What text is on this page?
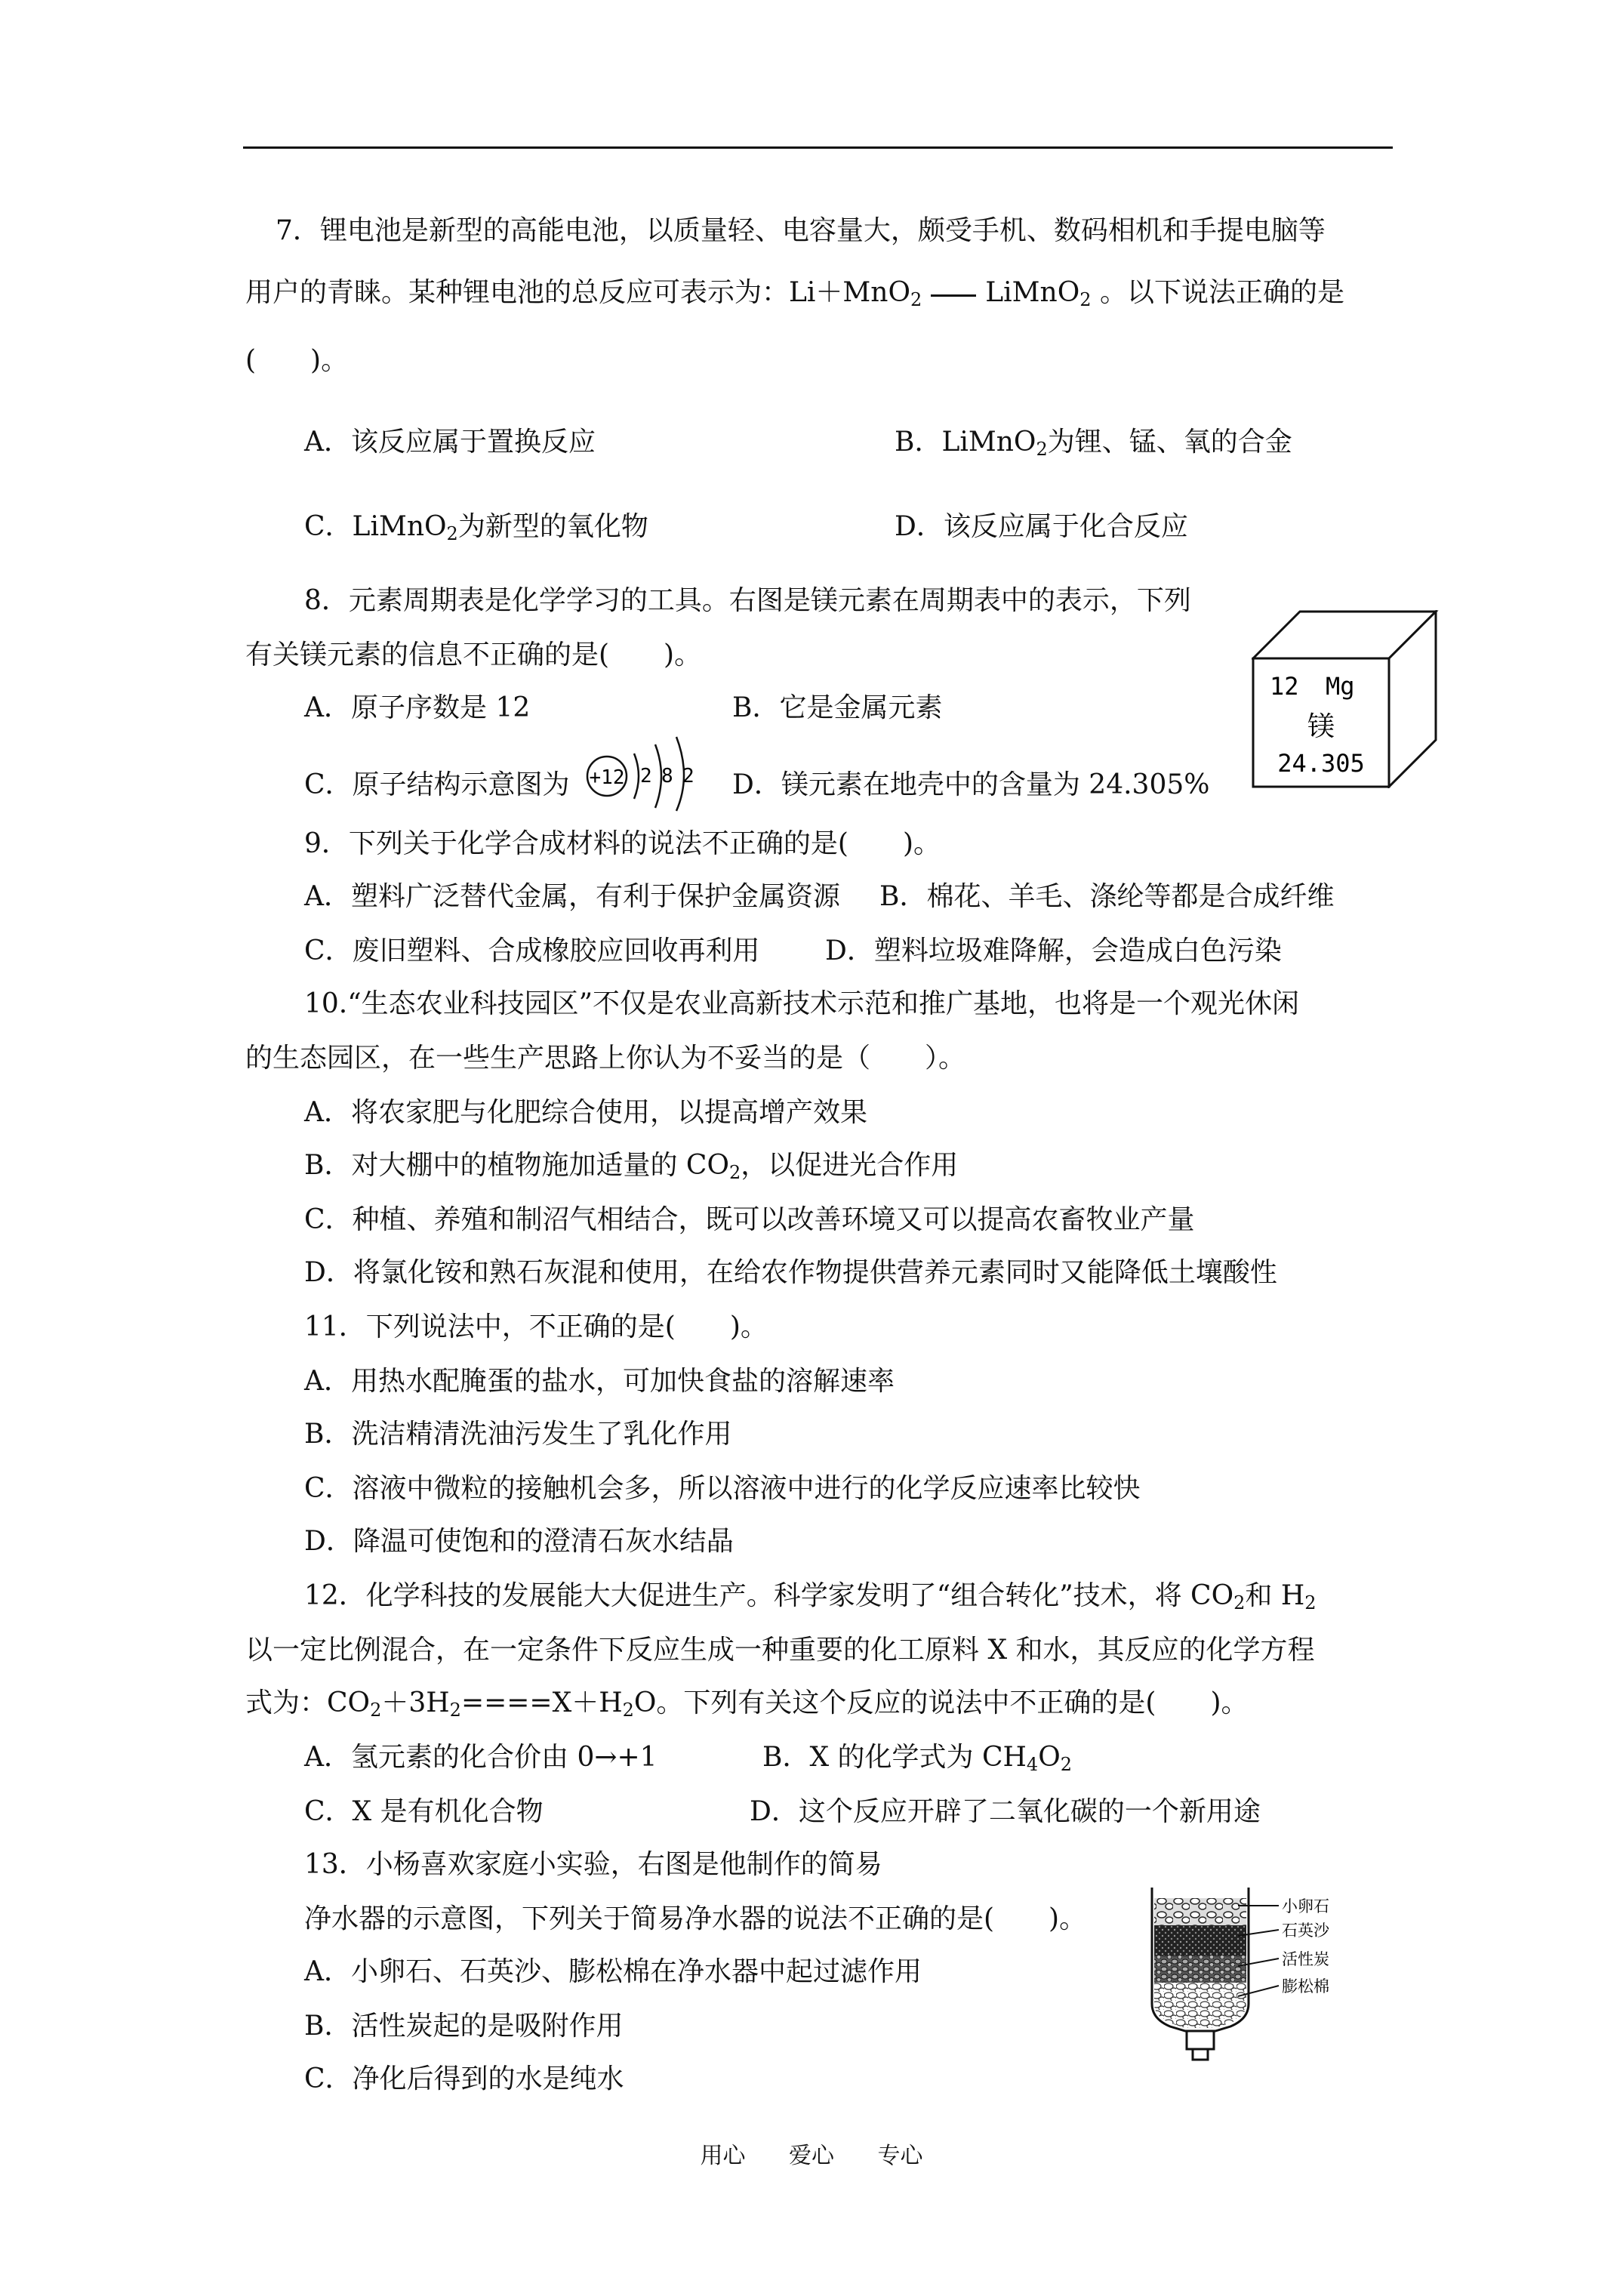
7．锂电池是新型的高能电池，以质量轻、电容量大，颇受手机、数码相机和手提电脑等
用户的青睐。某种锂电池的总反应可表示为：Li＋MnO$_2$ LiMnO$_2$ 。以下说法正确的是
(　　)。
A．该反应属于置换反应	B．LiMnO$_2$为锂、锰、氧的合金
C．LiMnO$_2$为新型的氧化物	D．该反应属于化合反应
8．元素周期表是化学学习的工具。右图是镁元素在周期表中的表示，下列
有关镁元素的信息不正确的是(　　)。
A．原子序数是 12	B．它是金属元素
C．原子结构示意图为 +12 2 8 2 D．镁元素在地壳中的含量为 24.305%
12 Mg
镁
24.305
9．下列关于化学合成材料的说法不正确的是(　　)。
A．塑料广泛替代金属，有利于保护金属资源 B．棉花、羊毛、涤纶等都是合成纤维
C．废旧塑料、合成橡胶应回收再利用 D．塑料垃圾难降解，会造成白色污染
10.“生态农业科技园区”不仅是农业高新技术示范和推广基地，也将是一个观光休闲
的生态园区，在一些生产思路上你认为不妥当的是（　　）。
A．将农家肥与化肥综合使用，以提高增产效果
B．对大棚中的植物施加适量的 $CO_2$，以促进光合作用
C．种植、养殖和制沼气相结合，既可以改善环境又可以提高农畜牧业产量
D．将氯化铵和熟石灰混和使用，在给农作物提供营养元素同时又能降低土壤酸性
11．下列说法中，不正确的是(　　)。
A．用热水配腌蛋的盐水，可加快食盐的溶解速率
B．洗洁精清洗油污发生了乳化作用
C．溶液中微粒的接触机会多，所以溶液中进行的化学反应速率比较快
D．降温可使饱和的澄清石灰水结晶
12．化学科技的发展能大大促进生产。科学家发明了“组合转化”技术，将 $CO_2$和 $H_2$
以一定比例混合，在一定条件下反应生成一种重要的化工原料 X 和水，其反应的化学方程
式为：$CO_2+3H_2====X+H_2O$。下列有关这个反应的说法中不正确的是(　　)。
A．氢元素的化合价由 0→+1	B．X 的化学式为 $CH_4O_2$
C．X 是有机化合物	D．这个反应开辟了二氧化碳的一个新用途
13．小杨喜欢家庭小实验，右图是他制作的简易
净水器的示意图，下列关于简易净水器的说法不正确的是(　　)。
A．小卵石、石英沙、膨松棉在净水器中起过滤作用
B．活性炭起的是吸附作用
C．净化后得到的水是纯水
小卵石
石英沙
活性炭
膨松棉
用心 爱心 专心
